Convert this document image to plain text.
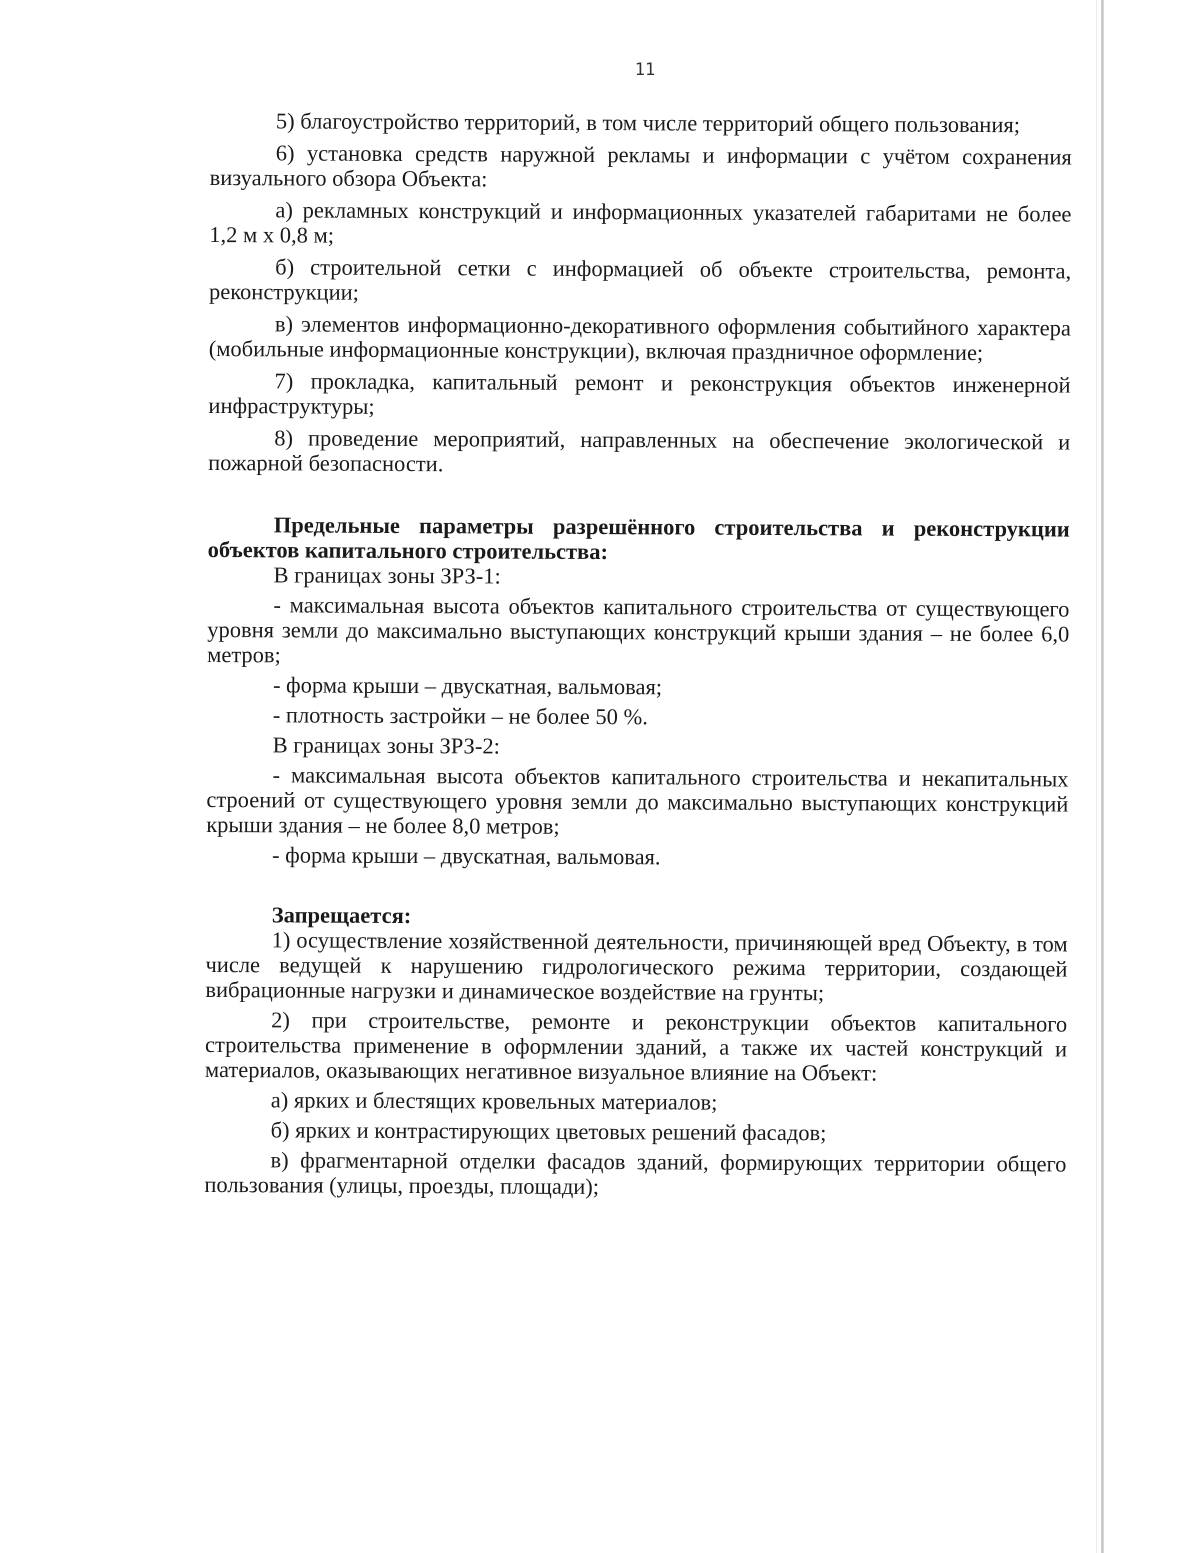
11

5) благоустройство территорий, в том числе территорий общего пользования;

6) установка средств наружной рекламы и информации с учётом сохранения визуального обзора Объекта:

а) рекламных конструкций и информационных указателей габаритами не более 1,2 м х 0,8 м;

б) строительной сетки с информацией об объекте строительства, ремонта, реконструкции;

в) элементов информационно-декоративного оформления событийного характера (мобильные информационные конструкции), включая праздничное оформление;

7) прокладка, капитальный ремонт и реконструкция объектов инженерной инфраструктуры;

8) проведение мероприятий, направленных на обеспечение экологической и пожарной безопасности.

Предельные параметры разрешённого строительства и реконструкции объектов капитального строительства:

В границах зоны ЗРЗ-1:

- максимальная высота объектов капитального строительства от существующего уровня земли до максимально выступающих конструкций крыши здания – не более 6,0 метров;

- форма крыши – двускатная, вальмовая;

- плотность застройки – не более 50 %.

В границах зоны ЗРЗ-2:

- максимальная высота объектов капитального строительства и некапитальных строений от существующего уровня земли до максимально выступающих конструкций крыши здания – не более 8,0 метров;

- форма крыши – двускатная, вальмовая.

Запрещается:

1) осуществление хозяйственной деятельности, причиняющей вред Объекту, в том числе ведущей к нарушению гидрологического режима территории, создающей вибрационные нагрузки и динамическое воздействие на грунты;

2) при строительстве, ремонте и реконструкции объектов капитального строительства применение в оформлении зданий, а также их частей конструкций и материалов, оказывающих негативное визуальное влияние на Объект:

а) ярких и блестящих кровельных материалов;

б) ярких и контрастирующих цветовых решений фасадов;

в) фрагментарной отделки фасадов зданий, формирующих территории общего пользования (улицы, проезды, площади);
